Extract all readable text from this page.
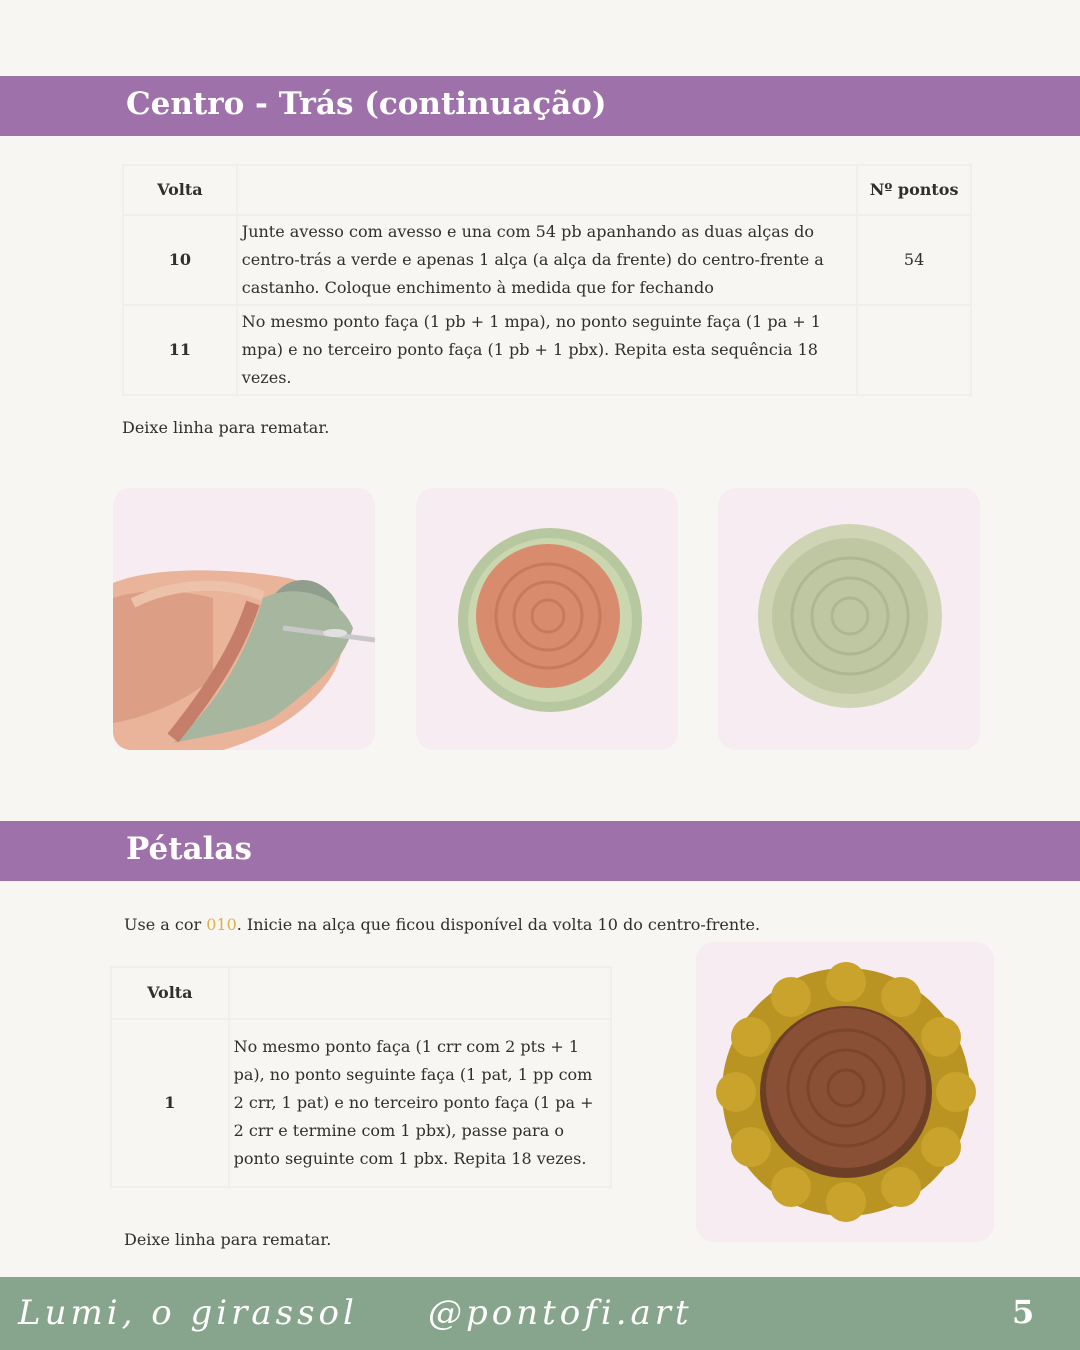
Centro - Trás (continuação)
Volta		Nº pontos
10	Junte avesso com avesso e una com 54 pb apanhando as duas alças do centro-trás a verde e apenas 1 alça (a alça da frente) do centro-frente a castanho. Coloque enchimento à medida que for fechando	54
11	No mesmo ponto faça (1 pb + 1 mpa), no ponto seguinte faça (1 pa + 1 mpa) e no terceiro ponto faça (1 pb + 1 pbx). Repita esta sequência 18 vezes.	
Deixe linha para rematar.
Pétalas
Use a cor 010. Inicie na alça que ficou disponível da volta 10 do centro-frente.
Volta	
1	No mesmo ponto faça (1 crr com 2 pts + 1 pa), no ponto seguinte faça (1 pat, 1 pp com 2 crr, 1 pat) e no terceiro ponto faça (1 pa + 2 crr e termine com 1 pbx), passe para o ponto seguinte com 1 pbx. Repita 18 vezes.
Deixe linha para rematar.
Lumi, o girassol @pontofi.art	5
